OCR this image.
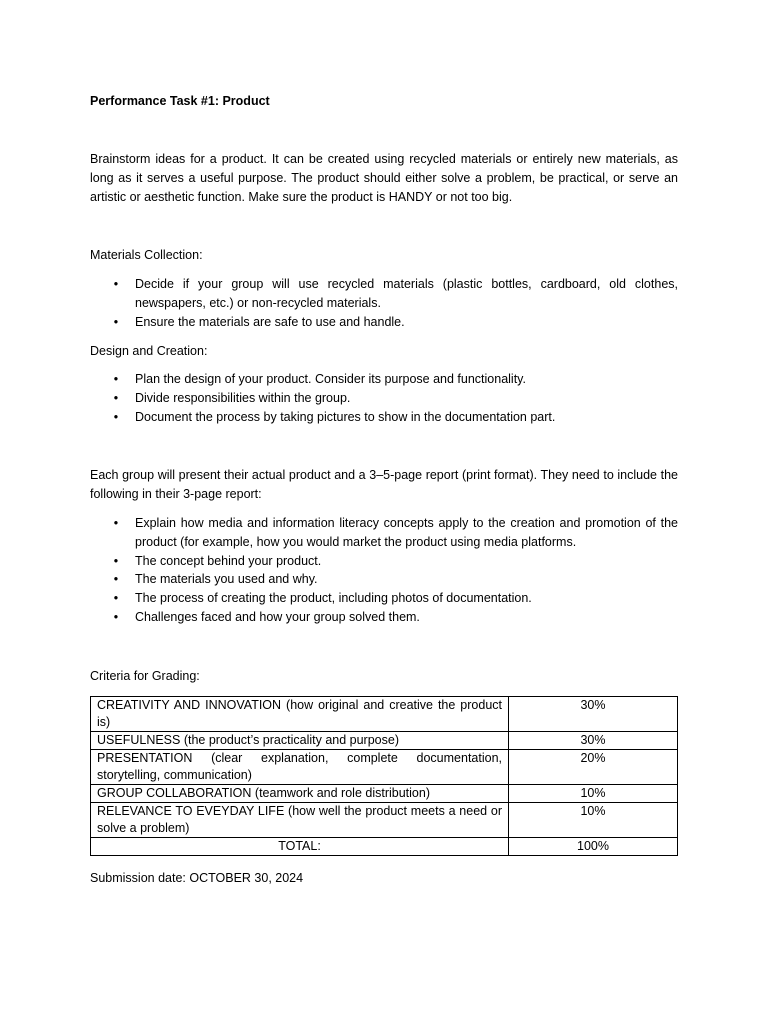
Performance Task #1: Product

Brainstorm ideas for a product. It can be created using recycled materials or entirely new materials, as long as it serves a useful purpose. The product should either solve a problem, be practical, or serve an artistic or aesthetic function. Make sure the product is HANDY or not too big.

Materials Collection:

• Decide if your group will use recycled materials (plastic bottles, cardboard, old clothes, newspapers, etc.) or non-recycled materials.
• Ensure the materials are safe to use and handle.

Design and Creation:

• Plan the design of your product. Consider its purpose and functionality.
• Divide responsibilities within the group.
• Document the process by taking pictures to show in the documentation part.

Each group will present their actual product and a 3–5-page report (print format). They need to include the following in their 3-page report:

• Explain how media and information literacy concepts apply to the creation and promotion of the product (for example, how you would market the product using media platforms.
• The concept behind your product.
• The materials you used and why.
• The process of creating the product, including photos of documentation.
• Challenges faced and how your group solved them.

Criteria for Grading:

CREATIVITY AND INNOVATION (how original and creative the product is)	30%
USEFULNESS (the product’s practicality and purpose)	30%
PRESENTATION (clear explanation, complete documentation, storytelling, communication)	20%
GROUP COLLABORATION (teamwork and role distribution)	10%
RELEVANCE TO EVEYDAY LIFE (how well the product meets a need or solve a problem)	10%
TOTAL:	100%

Submission date: OCTOBER 30, 2024
